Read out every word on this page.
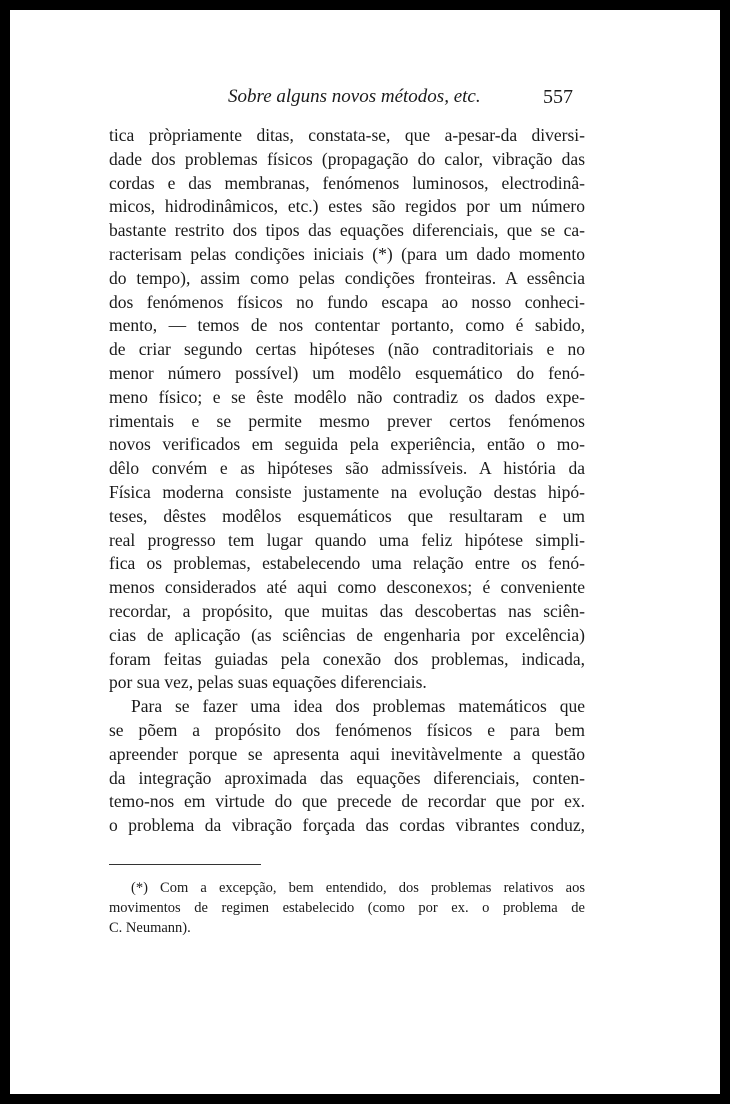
Sobre alguns novos métodos, etc.	557
tica pròpriamente ditas, constata-se, que a-pesar-da diversi-
dade dos problemas físicos (propagação do calor, vibração das
cordas e das membranas, fenómenos luminosos, electrodinâ-
micos, hidrodinâmicos, etc.) estes são regidos por um número
bastante restrito dos tipos das equações diferenciais, que se ca-
racterisam pelas condições iniciais (*) (para um dado momento
do tempo), assim como pelas condições fronteiras. A essência
dos fenómenos físicos no fundo escapa ao nosso conheci-
mento, — temos de nos contentar portanto, como é sabido,
de criar segundo certas hipóteses (não contraditoriais e no
menor número possível) um modêlo esquemático do fenó-
meno físico; e se êste modêlo não contradiz os dados expe-
rimentais e se permite mesmo prever certos fenómenos
novos verificados em seguida pela experiência, então o mo-
dêlo convém e as hipóteses são admissíveis. A história da
Física moderna consiste justamente na evolução destas hipó-
teses, dêstes modêlos esquemáticos que resultaram e um
real progresso tem lugar quando uma feliz hipótese simpli-
fica os problemas, estabelecendo uma relação entre os fenó-
menos considerados até aqui como desconexos; é conveniente
recordar, a propósito, que muitas das descobertas nas sciên-
cias de aplicação (as sciências de engenharia por excelência)
foram feitas guiadas pela conexão dos problemas, indicada,
por sua vez, pelas suas equações diferenciais.
Para se fazer uma idea dos problemas matemáticos que
se põem a propósito dos fenómenos físicos e para bem
apreender porque se apresenta aqui inevitàvelmente a questão
da integração aproximada das equações diferenciais, conten-
temo-nos em virtude do que precede de recordar que por ex.
o problema da vibração forçada das cordas vibrantes conduz,
(*) Com a excepção, bem entendido, dos problemas relativos aos
movimentos de regimen estabelecido (como por ex. o problema de
C. Neumann).
